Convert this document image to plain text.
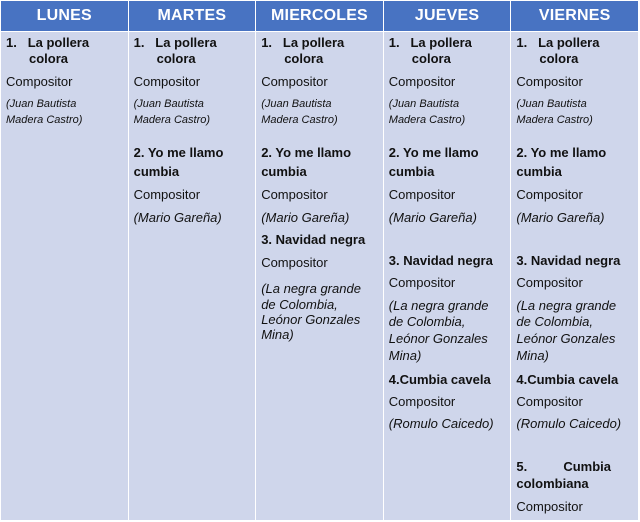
LUNES
1. La pollera
colora
Compositor
(Juan Bautista
Madera Castro)
MARTES
1. La pollera
colora
Compositor
(Juan Bautista
Madera Castro)
2. Yo me llamo
cumbia
Compositor
(Mario Gareña)
MIERCOLES
1. La pollera
colora
Compositor
(Juan Bautista
Madera Castro)
2. Yo me llamo
cumbia
Compositor
(Mario Gareña)
3. Navidad negra
Compositor
(La negra grande
de Colombia,
Leónor Gonzales
Mina)
JUEVES
1. La pollera
colora
Compositor
(Juan Bautista
Madera Castro)
2. Yo me llamo
cumbia
Compositor
(Mario Gareña)
3. Navidad negra
Compositor
(La negra grande
de Colombia,
Leónor Gonzales
Mina)
4.Cumbia cavela
Compositor
(Romulo Caicedo)
VIERNES
1. La pollera
colora
Compositor
(Juan Bautista
Madera Castro)
2. Yo me llamo
cumbia
Compositor
(Mario Gareña)
3. Navidad negra
Compositor
(La negra grande
de Colombia,
Leónor Gonzales
Mina)
4.Cumbia cavela
Compositor
(Romulo Caicedo)
5.          Cumbia
colombiana
Compositor
